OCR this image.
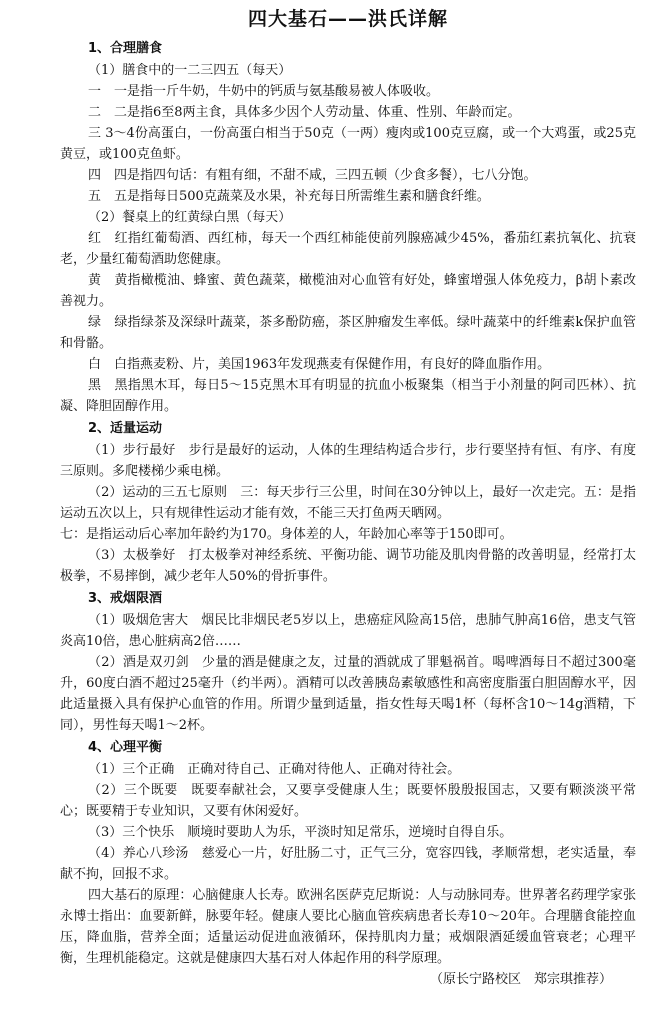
四大基石——洪氏详解
1、合理膳食
（1）膳食中的一二三四五（每天）

一　一是指一斤牛奶，牛奶中的钙质与氨基酸易被人体吸收。

二　二是指6至8两主食，具体多少因个人劳动量、体重、性别、年龄而定。

三 3～4份高蛋白，一份高蛋白相当于50克（一两）瘦肉或100克豆腐，或一个大鸡蛋，或25克黄豆，或100克鱼虾。

四　四是指四句话：有粗有细，不甜不咸，三四五顿（少食多餐），七八分饱。

五　五是指每日500克蔬菜及水果，补充每日所需维生素和膳食纤维。

（2）餐桌上的红黄绿白黑（每天）

红　红指红葡萄酒、西红柿，每天一个西红柿能使前列腺癌减少45%，番茄红素抗氧化、抗衰老，少量红葡萄酒助您健康。

黄　黄指橄榄油、蜂蜜、黄色蔬菜，橄榄油对心血管有好处，蜂蜜增强人体免疫力，β胡卜素改善视力。

绿　绿指绿茶及深绿叶蔬菜，茶多酚防癌，茶区肿瘤发生率低。绿叶蔬菜中的纤维素k保护血管和骨骼。

白　白指燕麦粉、片，美国1963年发现燕麦有保健作用，有良好的降血脂作用。

黑　黑指黑木耳，每日5～15克黑木耳有明显的抗血小板聚集（相当于小剂量的阿司匹林）、抗凝、降胆固醇作用。

2、适量运动

（1）步行最好　步行是最好的运动，人体的生理结构适合步行，步行要坚持有恒、有序、有度三原则。多爬楼梯少乘电梯。

（2）运动的三五七原则　三：每天步行三公里，时间在30分钟以上，最好一次走完。五：是指运动五次以上，只有规律性运动才能有效，不能三天打鱼两天晒网。

七：是指运动后心率加年龄约为170。身体差的人，年龄加心率等于150即可。

（3）太极拳好　打太极拳对神经系统、平衡功能、调节功能及肌肉骨骼的改善明显，经常打太极拳，不易摔倒，减少老年人50%的骨折事件。

3、戒烟限酒

（1）吸烟危害大　烟民比非烟民老5岁以上，患癌症风险高15倍，患肺气肿高16倍，患支气管炎高10倍，患心脏病高2倍……

（2）酒是双刃剑　少量的酒是健康之友，过量的酒就成了罪魁祸首。喝啤酒每日不超过300毫升，60度白酒不超过25毫升（约半两）。酒精可以改善胰岛素敏感性和高密度脂蛋白胆固醇水平，因此适量摄入具有保护心血管的作用。所谓少量到适量，指女性每天喝1杯（每杯含10～14g酒精，下同），男性每天喝1～2杯。

4、心理平衡

（1）三个正确　正确对待自己、正确对待他人、正确对待社会。

（2）三个既要　既要奉献社会，又要享受健康人生；既要怀殷殷报国志，又要有颗淡淡平常心；既要精于专业知识，又要有休闲爱好。

（3）三个快乐　顺境时要助人为乐，平淡时知足常乐，逆境时自得自乐。

（4）养心八珍汤　慈爱心一片，好肚肠二寸，正气三分，宽容四钱，孝顺常想，老实适量，奉献不拘，回报不求。

四大基石的原理：心脑健康人长寿。欧洲名医萨克尼斯说：人与动脉同寿。世界著名药理学家张永博士指出：血要新鲜，脉要年轻。健康人要比心脑血管疾病患者长寿10～20年。合理膳食能控血压，降血脂，营养全面；适量运动促进血液循环，保持肌肉力量；戒烟限酒延缓血管衰老；心理平衡，生理机能稳定。这就是健康四大基石对人体起作用的科学原理。

（原长宁路校区　郑宗琪推荐）
